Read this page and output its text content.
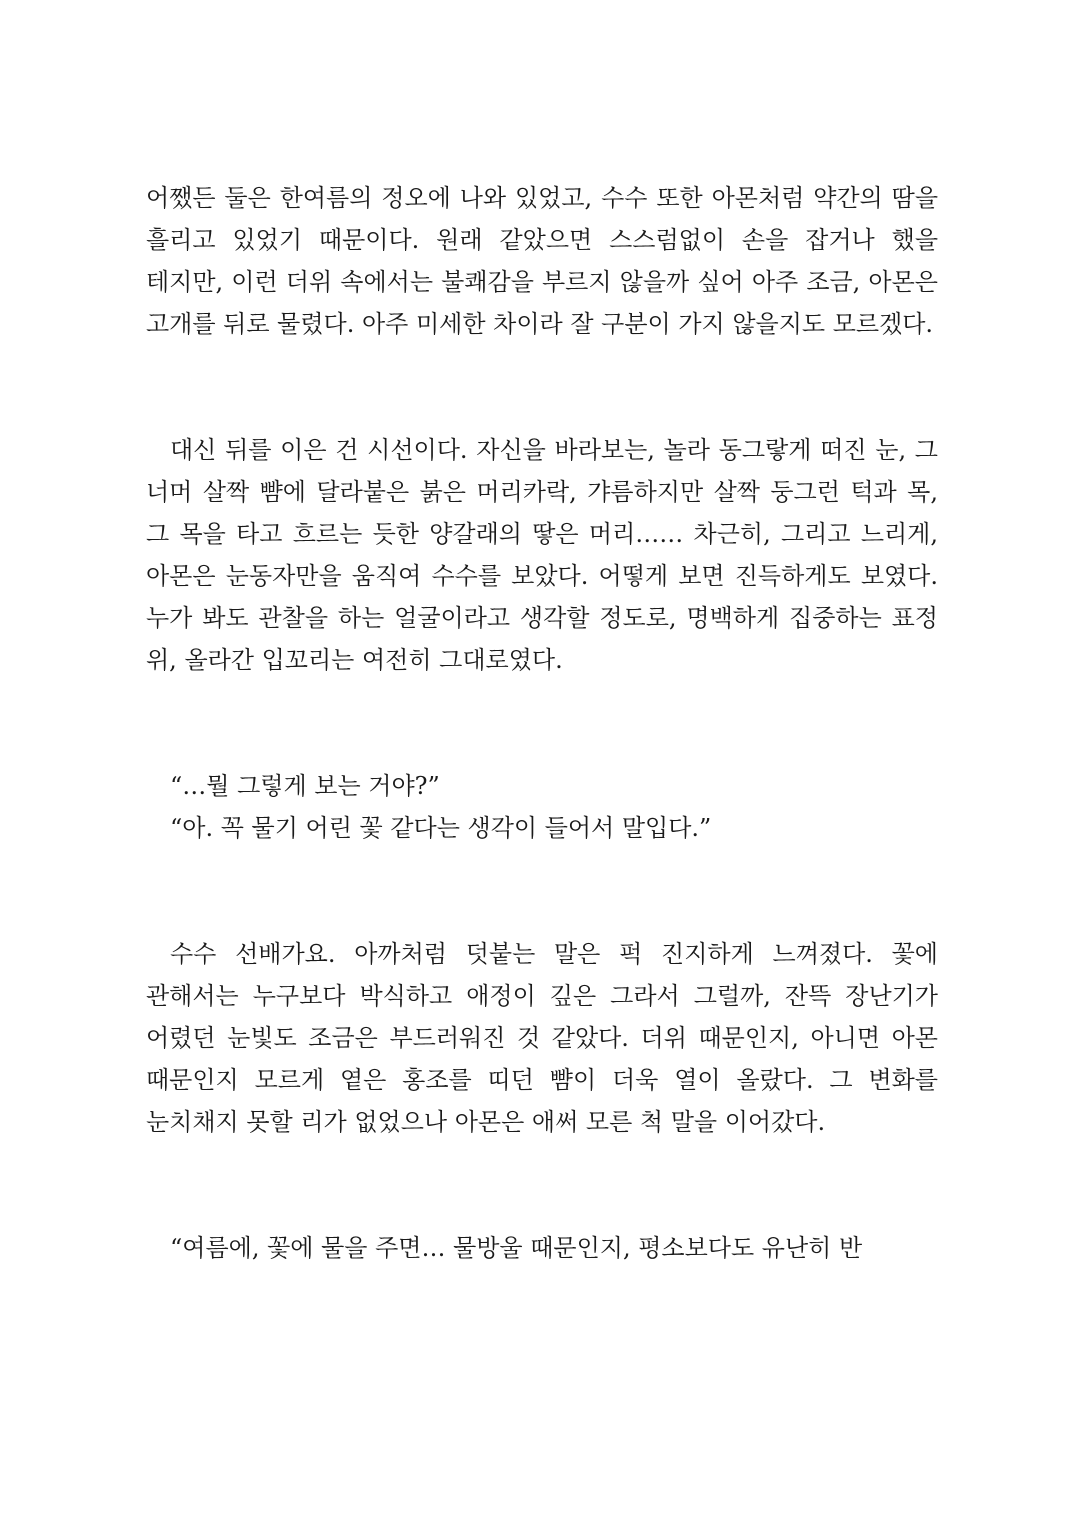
어쨌든 둘은 한여름의 정오에 나와 있었고, 수수 또한 아몬처럼 약간의 땀을 흘리고 있었기 때문이다. 원래 같았으면 스스럼없이 손을 잡거나 했을 테지만, 이런 더위 속에서는 불쾌감을 부르지 않을까 싶어 아주 조금, 아몬은 고개를 뒤로 물렸다. 아주 미세한 차이라 잘 구분이 가지 않을지도 모르겠다.

대신 뒤를 이은 건 시선이다. 자신을 바라보는, 놀라 동그랗게 떠진 눈, 그 너머 살짝 뺨에 달라붙은 붉은 머리카락, 갸름하지만 살짝 둥그런 턱과 목, 그 목을 타고 흐르는 듯한 양갈래의 땋은 머리…… 차근히, 그리고 느리게, 아몬은 눈동자만을 움직여 수수를 보았다. 어떻게 보면 진득하게도 보였다. 누가 봐도 관찰을 하는 얼굴이라고 생각할 정도로, 명백하게 집중하는 표정 위, 올라간 입꼬리는 여전히 그대로였다.

“…뭘 그렇게 보는 거야?”

“아. 꼭 물기 어린 꽃 같다는 생각이 들어서 말입다.”

수수 선배가요. 아까처럼 덧붙는 말은 퍽 진지하게 느껴졌다. 꽃에 관해서는 누구보다 박식하고 애정이 깊은 그라서 그럴까, 잔뜩 장난기가 어렸던 눈빛도 조금은 부드러워진 것 같았다. 더위 때문인지, 아니면 아몬 때문인지 모르게 옅은 홍조를 띠던 뺨이 더욱 열이 올랐다. 그 변화를 눈치채지 못할 리가 없었으나 아몬은 애써 모른 척 말을 이어갔다.

“여름에, 꽃에 물을 주면… 물방울 때문인지, 평소보다도 유난히 반
